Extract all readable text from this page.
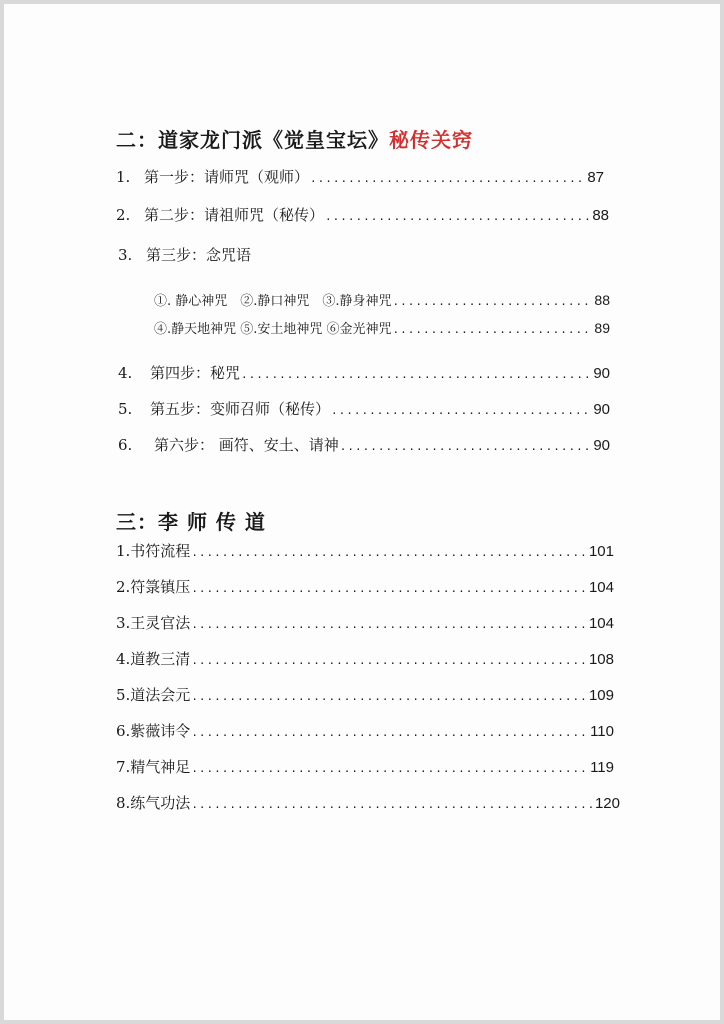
二：道家龙门派《觉皇宝坛》秘传关窍
1. 第一步：请师咒（观师） .....	87
2. 第二步：请祖师咒（秘传） .....	88
3. 第三步：念咒语
①. 静心神咒　②.静口神咒　③.静身神咒 .....	88
④.静天地神咒 ⑤.安土地神咒 ⑥金光神咒 .....	89
4.	第四步：秘咒 .....	90
5.	第五步：变师召师（秘传） .....	90
6.	第六步： 画符、安土、请神 .....	90
三：李 师 传 道
1.书符流程 .....	101
2.符箓镇压 .....	104
3.王灵官法 .....	104
4.道教三清 .....	108
5.道法会元 .....	109
6.紫薇讳令 .....	110
7.精气神足 .....	119
8.练气功法 .....	120
